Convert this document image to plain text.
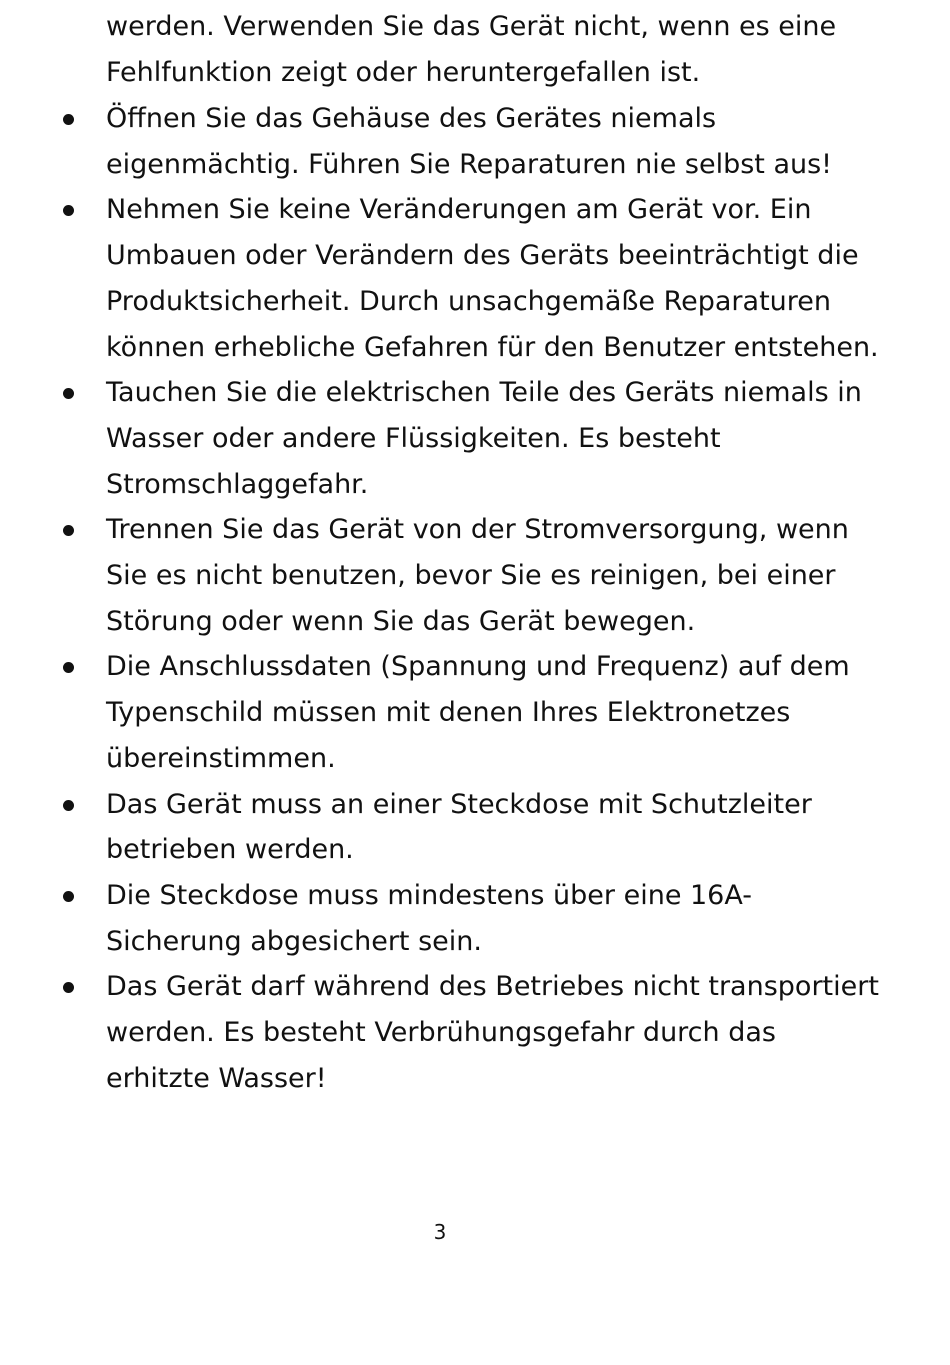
werden. Verwenden Sie das Gerät nicht, wenn es eine Fehlfunktion zeigt oder heruntergefallen ist.

Öffnen Sie das Gehäuse des Gerätes niemals eigenmächtig. Führen Sie Reparaturen nie selbst aus!
Nehmen Sie keine Veränderungen am Gerät vor. Ein Umbauen oder Verändern des Geräts beeinträchtigt die Produktsicherheit. Durch unsachgemäße Reparaturen können erhebliche Gefahren für den Benutzer entstehen.
Tauchen Sie die elektrischen Teile des Geräts niemals in Wasser oder andere Flüssigkeiten. Es besteht Stromschlaggefahr.
Trennen Sie das Gerät von der Stromversorgung, wenn Sie es nicht benutzen, bevor Sie es reinigen, bei einer Störung oder wenn Sie das Gerät bewegen.
Die Anschlussdaten (Spannung und Frequenz) auf dem Typenschild müssen mit denen Ihres Elektronetzes übereinstimmen.
Das Gerät muss an einer Steckdose mit Schutzleiter betrieben werden.
Die Steckdose muss mindestens über eine 16A-Sicherung abgesichert sein.
Das Gerät darf während des Betriebes nicht transportiert werden. Es besteht Verbrühungsgefahr durch das erhitzte Wasser!

3
